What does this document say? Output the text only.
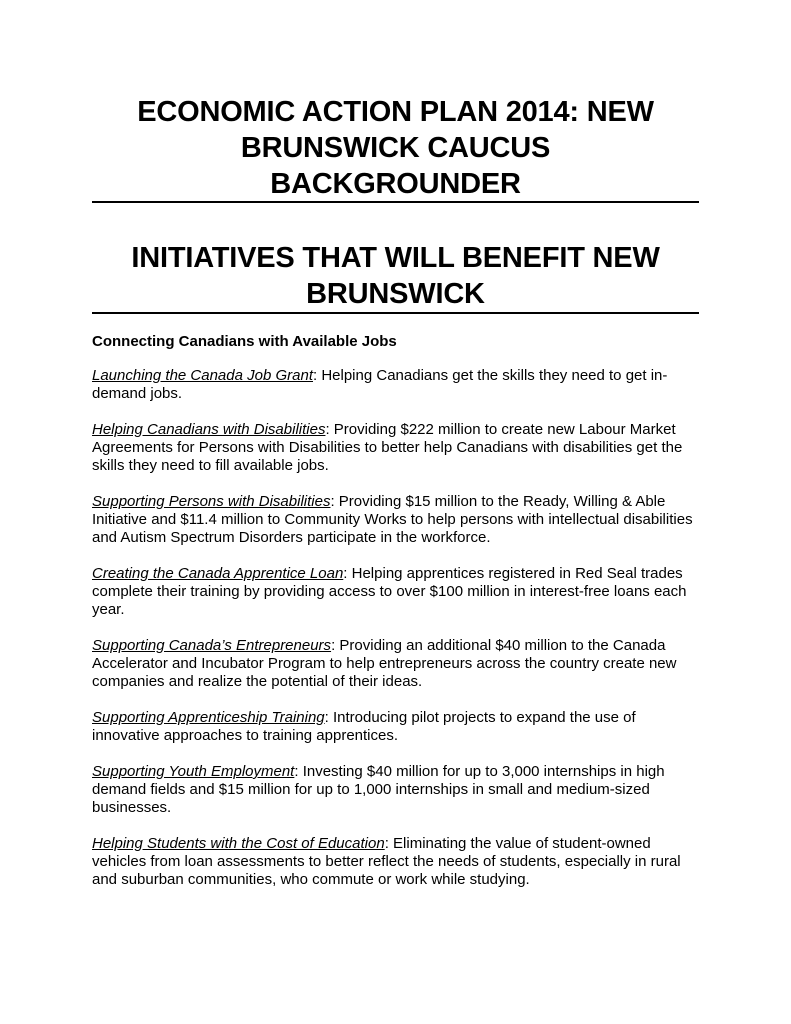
ECONOMIC ACTION PLAN 2014: NEW
BRUNSWICK CAUCUS
BACKGROUNDER
INITIATIVES THAT WILL BENEFIT NEW
BRUNSWICK

Connecting Canadians with Available Jobs

Launching the Canada Job Grant: Helping Canadians get the skills they need to get in-demand jobs.

Helping Canadians with Disabilities: Providing $222 million to create new Labour Market Agreements for Persons with Disabilities to better help Canadians with disabilities get the skills they need to fill available jobs.

Supporting Persons with Disabilities: Providing $15 million to the Ready, Willing & Able Initiative and $11.4 million to Community Works to help persons with intellectual disabilities and Autism Spectrum Disorders participate in the workforce.

Creating the Canada Apprentice Loan: Helping apprentices registered in Red Seal trades complete their training by providing access to over $100 million in interest-free loans each year.

Supporting Canada’s Entrepreneurs: Providing an additional $40 million to the Canada Accelerator and Incubator Program to help entrepreneurs across the country create new companies and realize the potential of their ideas.

Supporting Apprenticeship Training: Introducing pilot projects to expand the use of innovative approaches to training apprentices.

Supporting Youth Employment: Investing $40 million for up to 3,000 internships in high demand fields and $15 million for up to 1,000 internships in small and medium-sized businesses.

Helping Students with the Cost of Education: Eliminating the value of student-owned vehicles from loan assessments to better reflect the needs of students, especially in rural and suburban communities, who commute or work while studying.
